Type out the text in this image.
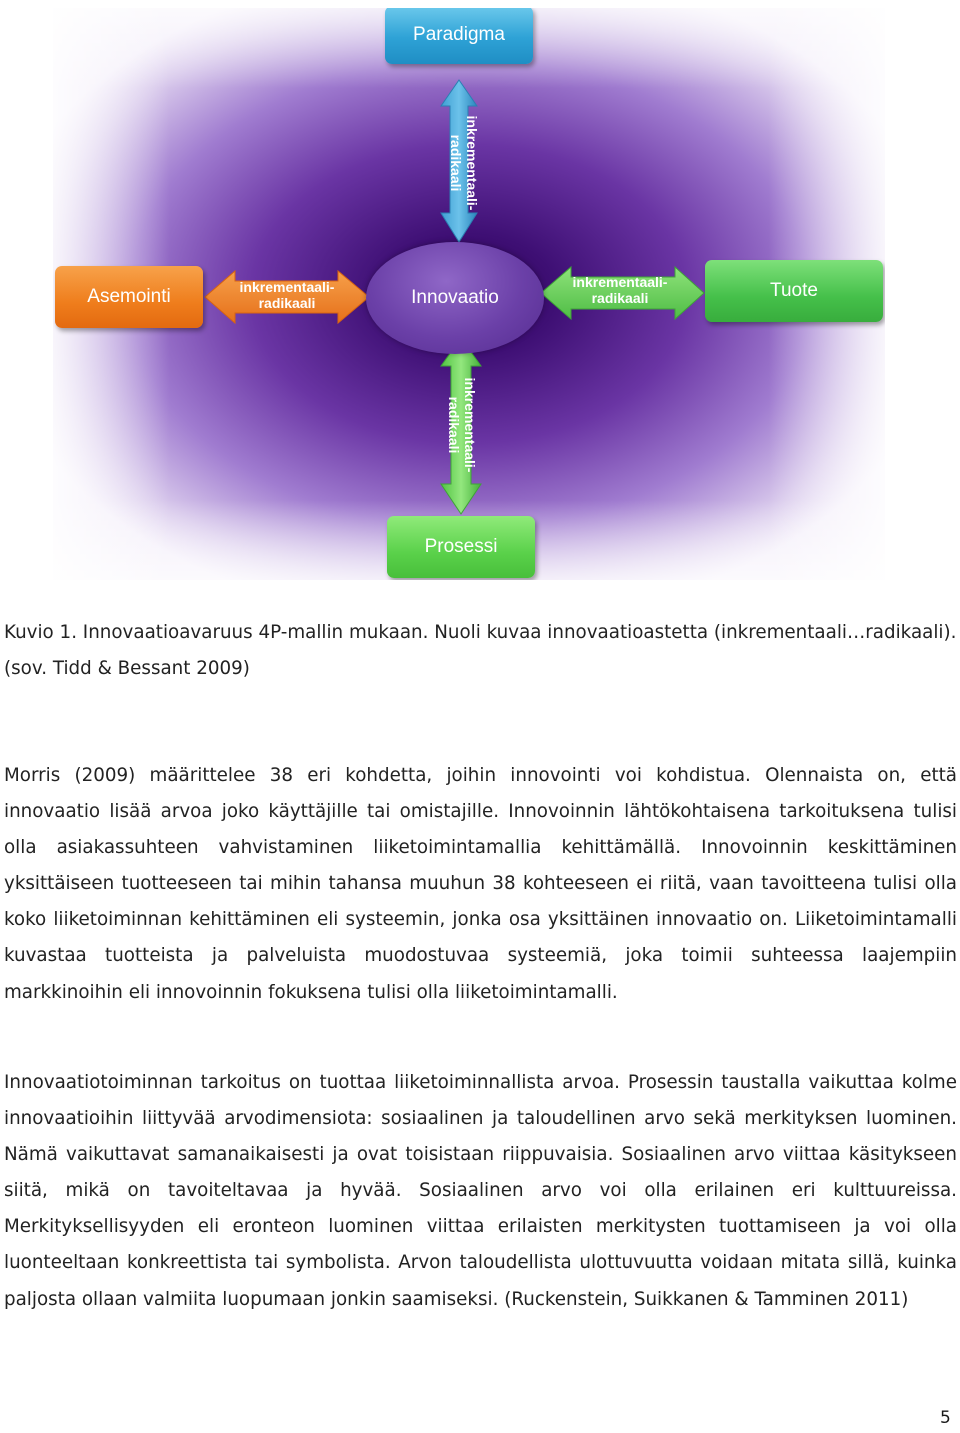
Paradigma
Asemointi	Tuote
Prosessi
Innovaatio
inkrementaali-
radikaali
inkrementaali-
radikaali
inkrementaali-
radikaali
inkrementaali-
radikaali

Kuvio 1. Innovaatioavaruus 4P-mallin mukaan. Nuoli kuvaa innovaatioastetta (inkrementaali…radikaali). (sov. Tidd & Bessant 2009)

Morris (2009) määrittelee 38 eri kohdetta, joihin innovointi voi kohdistua. Olennaista on, että innovaatio lisää arvoa joko käyttäjille tai omistajille. Innovoinnin lähtökohtaisena tarkoituksena tulisi olla asiakassuhteen vahvistaminen liiketoimintamallia kehittämällä. Innovoinnin keskittäminen yksittäiseen tuotteeseen tai mihin tahansa muuhun 38 kohteeseen ei riitä, vaan tavoitteena tulisi olla koko liiketoiminnan kehittäminen eli systeemin, jonka osa yksittäinen innovaatio on. Liiketoimintamalli kuvastaa tuotteista ja palveluista muodostuvaa systeemiä, joka toimii suhteessa laajempiin markkinoihin eli innovoinnin fokuksena tulisi olla liiketoimintamalli.

Innovaatiotoiminnan tarkoitus on tuottaa liiketoiminnallista arvoa. Prosessin taustalla vaikuttaa kolme innovaatioihin liittyvää arvodimensiota: sosiaalinen ja taloudellinen arvo sekä merkityksen luominen. Nämä vaikuttavat samanaikaisesti ja ovat toisistaan riippuvaisia. Sosiaalinen arvo viittaa käsitykseen siitä, mikä on tavoiteltavaa ja hyvää. Sosiaalinen arvo voi olla erilainen eri kulttuureissa. Merkityksellisyyden eli eronteon luominen viittaa erilaisten merkitysten tuottamiseen ja voi olla luonteeltaan konkreettista tai symbolista. Arvon taloudellista ulottuvuutta voidaan mitata sillä, kuinka paljosta ollaan valmiita luopumaan jonkin saamiseksi. (Ruckenstein, Suikkanen & Tamminen 2011)

5
